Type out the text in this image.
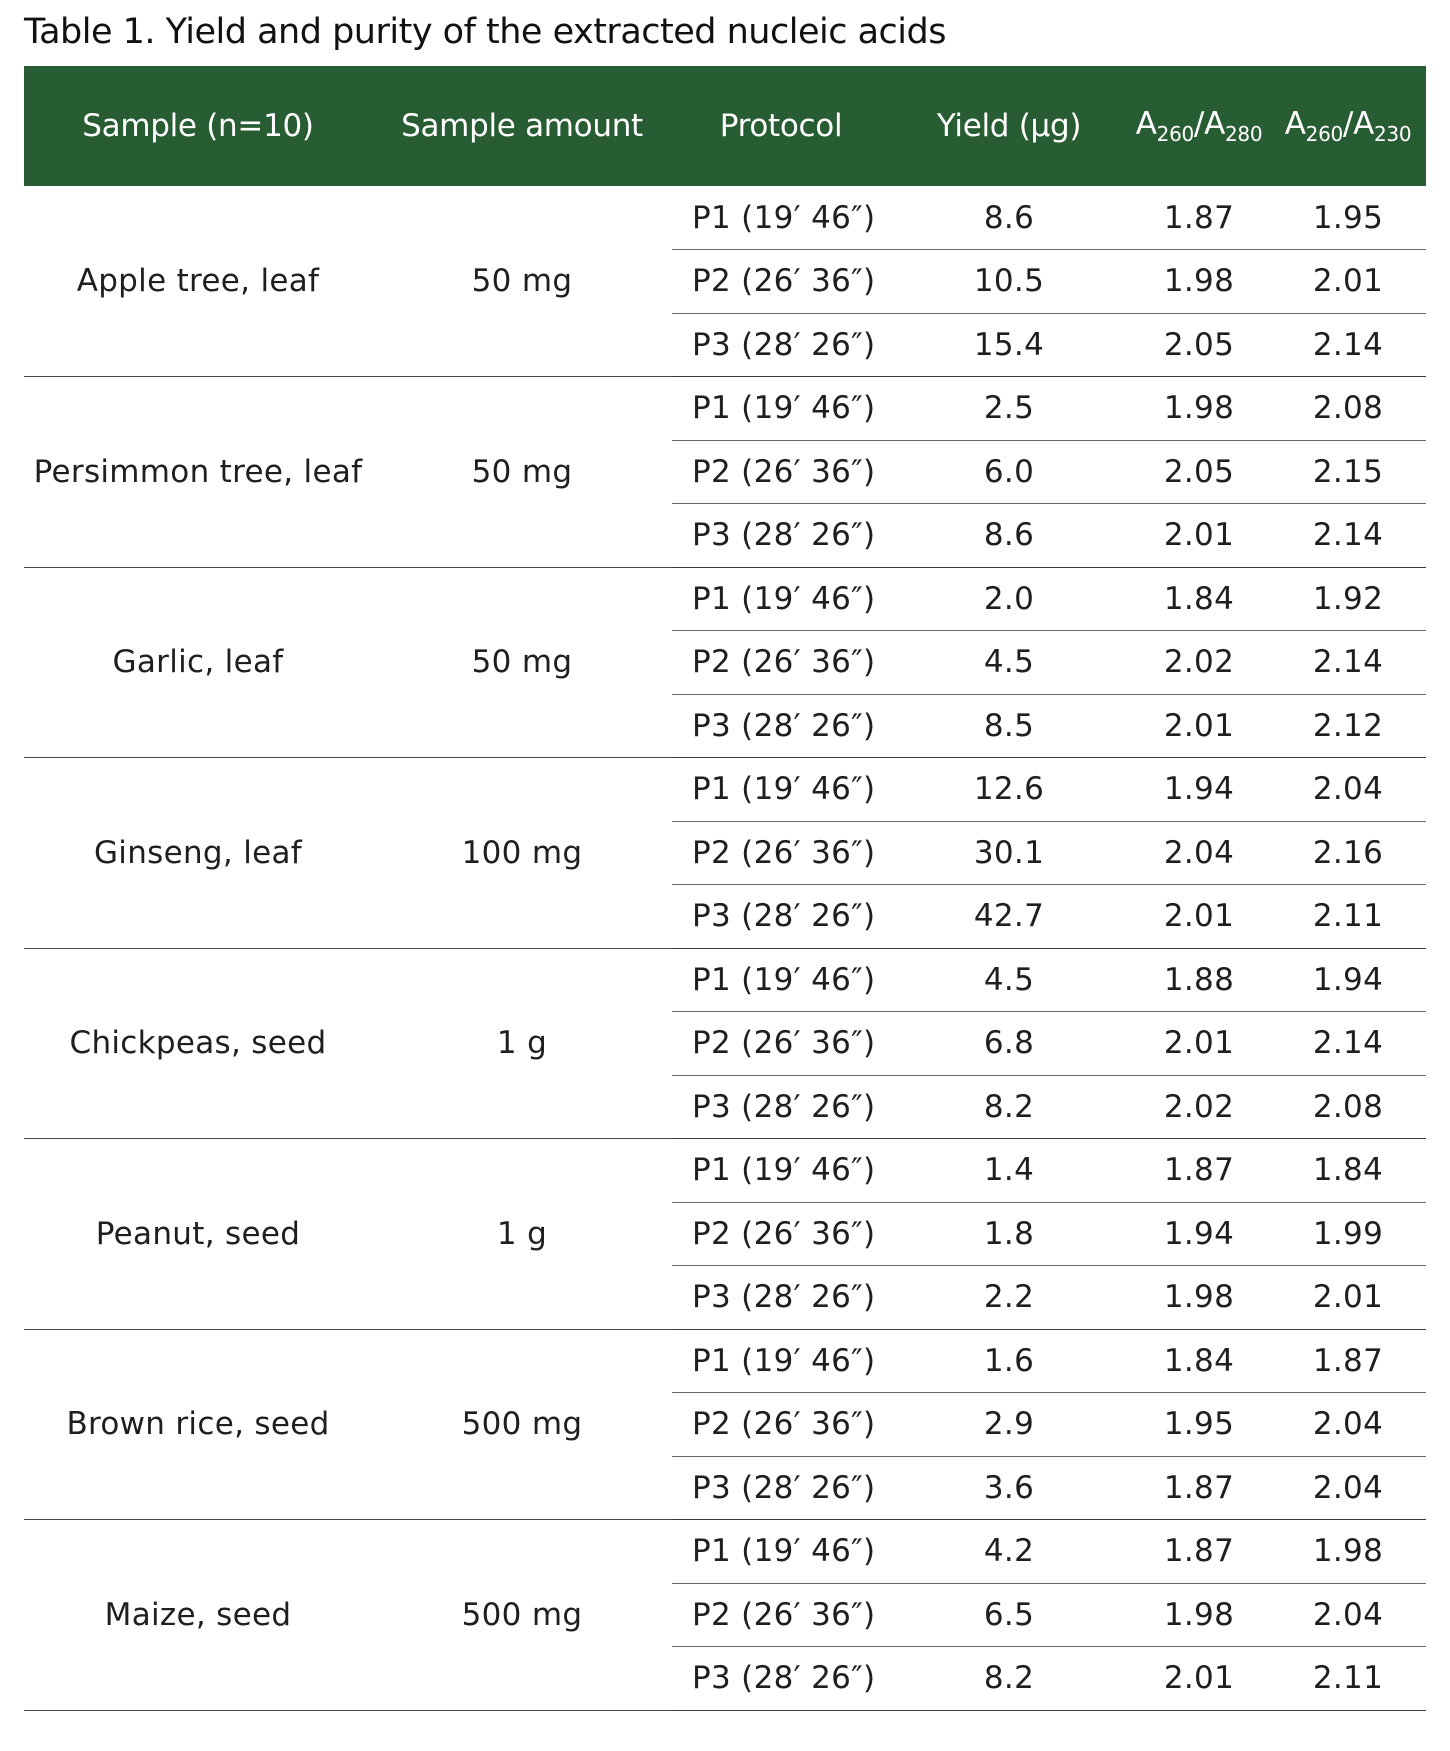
Table 1. Yield and purity of the extracted nucleic acids
Sample (n=10)	Sample amount	Protocol	Yield (μg)	$A_{260}/A_{280}$	$A_{260}/A_{230}$
Apple tree, leaf	50 mg	P1 (19′ 46″)	8.6	1.87	1.95
		P2 (26′ 36″)	10.5	1.98	2.01
		P3 (28′ 26″)	15.4	2.05	2.14
Persimmon tree, leaf	50 mg	P1 (19′ 46″)	2.5	1.98	2.08
		P2 (26′ 36″)	6.0	2.05	2.15
		P3 (28′ 26″)	8.6	2.01	2.14
Garlic, leaf	50 mg	P1 (19′ 46″)	2.0	1.84	1.92
		P2 (26′ 36″)	4.5	2.02	2.14
		P3 (28′ 26″)	8.5	2.01	2.12
Ginseng, leaf	100 mg	P1 (19′ 46″)	12.6	1.94	2.04
		P2 (26′ 36″)	30.1	2.04	2.16
		P3 (28′ 26″)	42.7	2.01	2.11
Chickpeas, seed	1 g	P1 (19′ 46″)	4.5	1.88	1.94
		P2 (26′ 36″)	6.8	2.01	2.14
		P3 (28′ 26″)	8.2	2.02	2.08
Peanut, seed	1 g	P1 (19′ 46″)	1.4	1.87	1.84
		P2 (26′ 36″)	1.8	1.94	1.99
		P3 (28′ 26″)	2.2	1.98	2.01
Brown rice, seed	500 mg	P1 (19′ 46″)	1.6	1.84	1.87
		P2 (26′ 36″)	2.9	1.95	2.04
		P3 (28′ 26″)	3.6	1.87	2.04
Maize, seed	500 mg	P1 (19′ 46″)	4.2	1.87	1.98
		P2 (26′ 36″)	6.5	1.98	2.04
		P3 (28′ 26″)	8.2	2.01	2.11
